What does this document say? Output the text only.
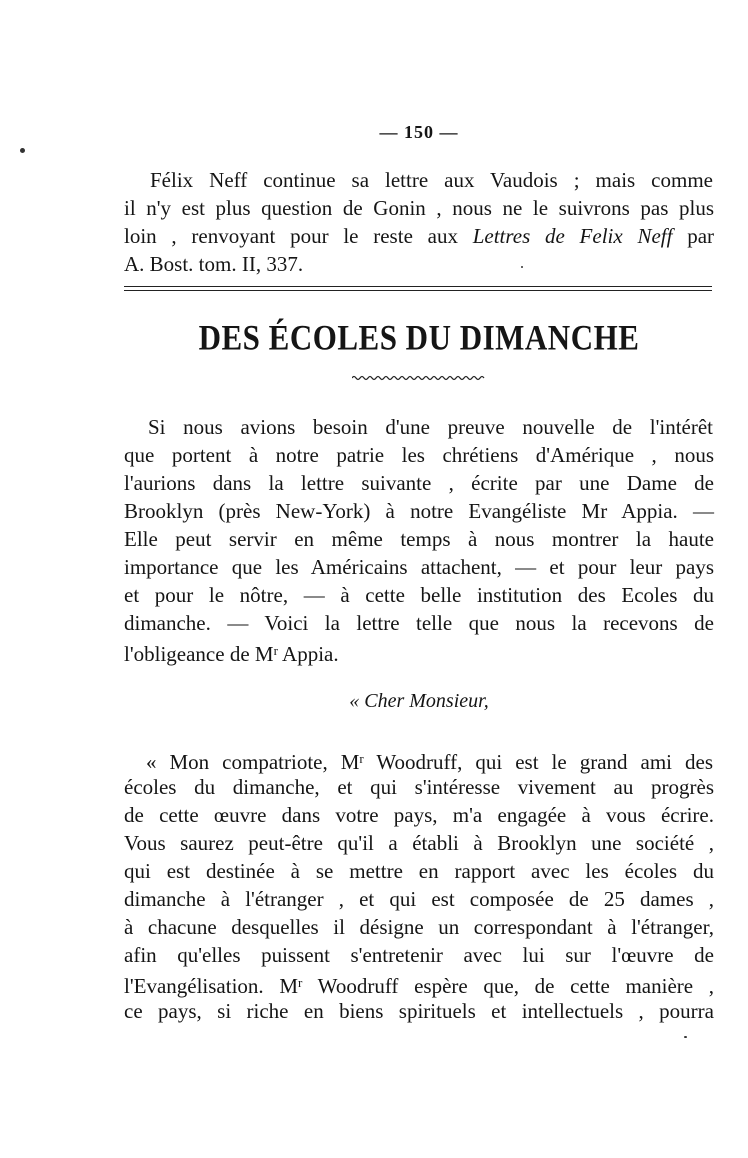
— 150 —
Félix Neff continue sa lettre aux Vaudois ; mais comme
il n'y est plus question de Gonin , nous ne le suivrons pas plus
loin , renvoyant pour le reste aux Lettres de Felix Neff par
A. Bost. tom. II, 337.
DES ÉCOLES DU DIMANCHE
Si nous avions besoin d'une preuve nouvelle de l'intérêt
que portent à notre patrie les chrétiens d'Amérique , nous
l'aurions dans la lettre suivante , écrite par une Dame de
Brooklyn (près New-York) à notre Evangéliste Mr Appia. —
Elle peut servir en même temps à nous montrer la haute
importance que les Américains attachent, — et pour leur pays
et pour le nôtre, — à cette belle institution des Ecoles du
dimanche. — Voici la lettre telle que nous la recevons de
l'obligeance de $M^r$ Appia.
« Cher Monsieur,
« Mon compatriote, $M^r$ Woodruff, qui est le grand ami des
écoles du dimanche, et qui s'intéresse vivement au progrès
de cette œuvre dans votre pays, m'a engagée à vous écrire.
Vous saurez peut-être qu'il a établi à Brooklyn une société ,
qui est destinée à se mettre en rapport avec les écoles du
dimanche à l'étranger , et qui est composée de 25 dames ,
à chacune desquelles il désigne un correspondant à l'étranger,
afin qu'elles puissent s'entretenir avec lui sur l'œuvre de
l'Evangélisation. $M^r$ Woodruff espère que, de cette manière ,
ce pays, si riche en biens spirituels et intellectuels , pourra
